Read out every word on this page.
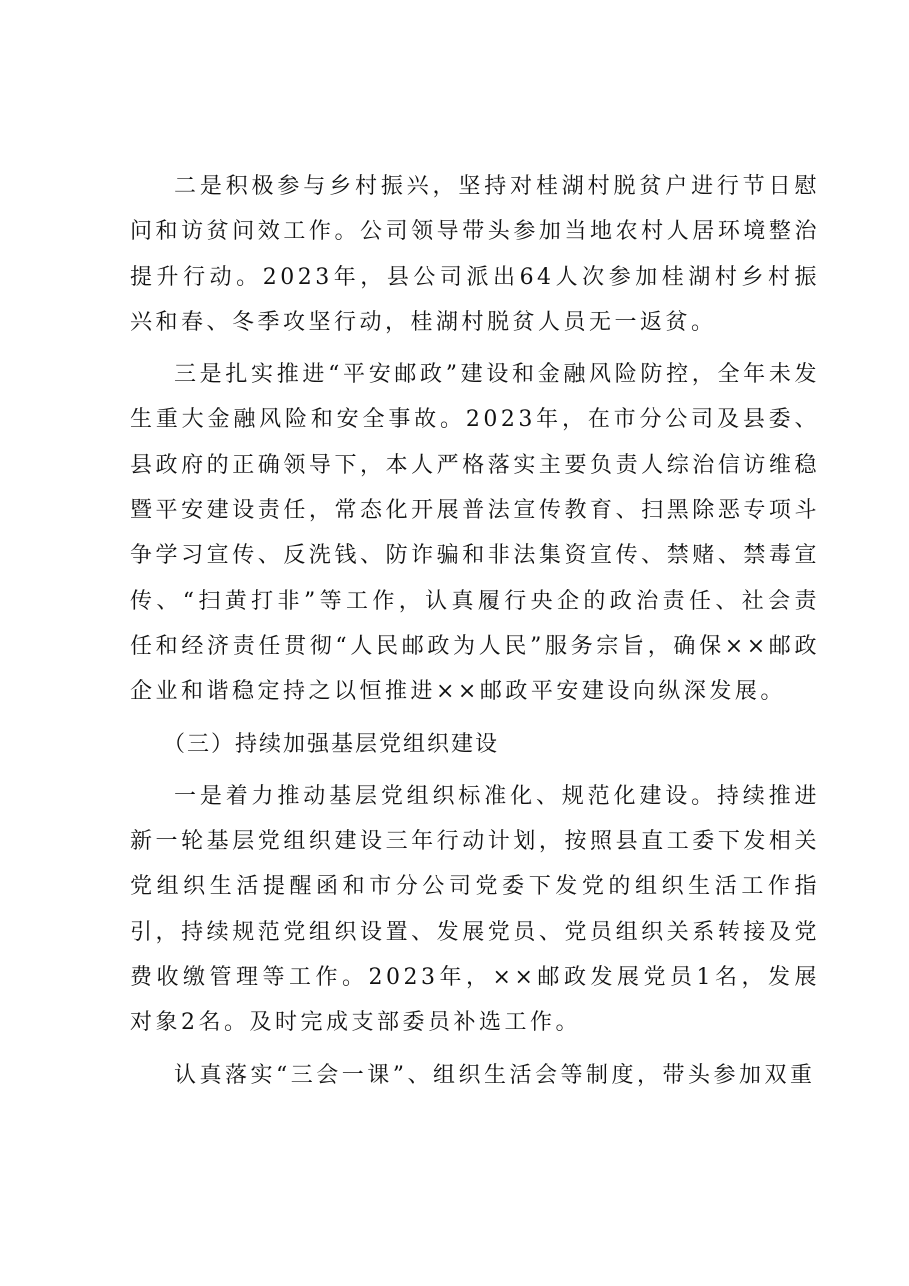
二是积极参与乡村振兴，坚持对桂湖村脱贫户进行节日慰问和访贫问效工作。公司领导带头参加当地农村人居环境整治提升行动。2023年，县公司派出64人次参加桂湖村乡村振兴和春、冬季攻坚行动，桂湖村脱贫人员无一返贫。

三是扎实推进“平安邮政”建设和金融风险防控，全年未发生重大金融风险和安全事故。2023年，在市分公司及县委、县政府的正确领导下，本人严格落实主要负责人综治信访维稳暨平安建设责任，常态化开展普法宣传教育、扫黑除恶专项斗争学习宣传、反洗钱、防诈骗和非法集资宣传、禁赌、禁毒宣传、“扫黄打非”等工作，认真履行央企的政治责任、社会责任和经济责任贯彻“人民邮政为人民”服务宗旨，确保××邮政企业和谐稳定持之以恒推进××邮政平安建设向纵深发展。

（三）持续加强基层党组织建设

一是着力推动基层党组织标准化、规范化建设。持续推进新一轮基层党组织建设三年行动计划，按照县直工委下发相关党组织生活提醒函和市分公司党委下发党的组织生活工作指引，持续规范党组织设置、发展党员、党员组织关系转接及党费收缴管理等工作。2023年，××邮政发展党员1名，发展对象2名。及时完成支部委员补选工作。

认真落实“三会一课”、组织生活会等制度，带头参加双重
